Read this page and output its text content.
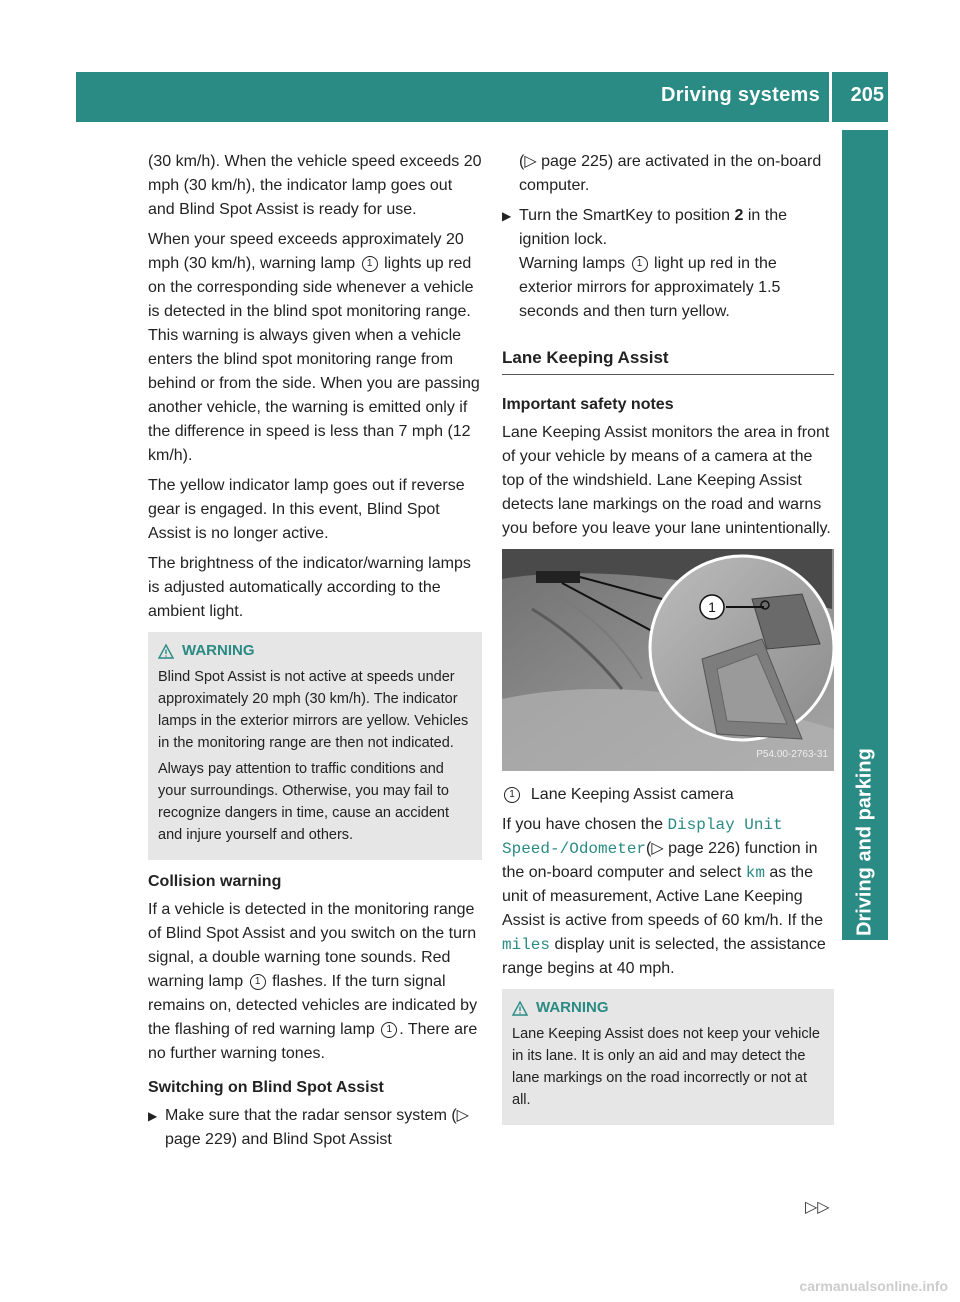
Driving systems 205
Driving and parking

(30 km/h). When the vehicle speed exceeds 20 mph (30 km/h), the indicator lamp goes out and Blind Spot Assist is ready for use.

When your speed exceeds approximately 20 mph (30 km/h), warning lamp 1 lights up red on the corresponding side whenever a vehicle is detected in the blind spot monitoring range. This warning is always given when a vehicle enters the blind spot monitoring range from behind or from the side. When you are passing another vehicle, the warning is emitted only if the difference in speed is less than 7 mph (12 km/h).

The yellow indicator lamp goes out if reverse gear is engaged. In this event, Blind Spot Assist is no longer active.

The brightness of the indicator/warning lamps is adjusted automatically according to the ambient light.

WARNING

Blind Spot Assist is not active at speeds under approximately 20 mph (30 km/h). The indicator lamps in the exterior mirrors are yellow. Vehicles in the monitoring range are then not indicated.

Always pay attention to traffic conditions and your surroundings. Otherwise, you may fail to recognize dangers in time, cause an accident and injure yourself and others.

Collision warning

If a vehicle is detected in the monitoring range of Blind Spot Assist and you switch on the turn signal, a double warning tone sounds. Red warning lamp 1 flashes. If the turn signal remains on, detected vehicles are indicated by the flashing of red warning lamp 1 . There are no further warning tones.

Switching on Blind Spot Assist
▶ Make sure that the radar sensor system (▷ page 229) and Blind Spot Assist

(▷ page 225) are activated in the on-board computer.

▶ Turn the SmartKey to position 2 in the ignition lock.
Warning lamps 1 light up red in the exterior mirrors for approximately 1.5 seconds and then turn yellow.
Lane Keeping Assist
Important safety notes

Lane Keeping Assist monitors the area in front of your vehicle by means of a camera at the top of the windshield. Lane Keeping Assist detects lane markings on the road and warns you before you leave your lane unintentionally.

1
P54.00-2763-31

1 Lane Keeping Assist camera

If you have chosen the Display Unit Speed-/Odometer(▷ page 226) function in the on-board computer and select km as the unit of measurement, Active Lane Keeping Assist is active from speeds of 60 km/h. If the miles display unit is selected, the assistance range begins at 40 mph.

WARNING

Lane Keeping Assist does not keep your vehicle in its lane. It is only an aid and may detect the lane markings on the road incorrectly or not at all.

▷▷
carmanualsonline.info
